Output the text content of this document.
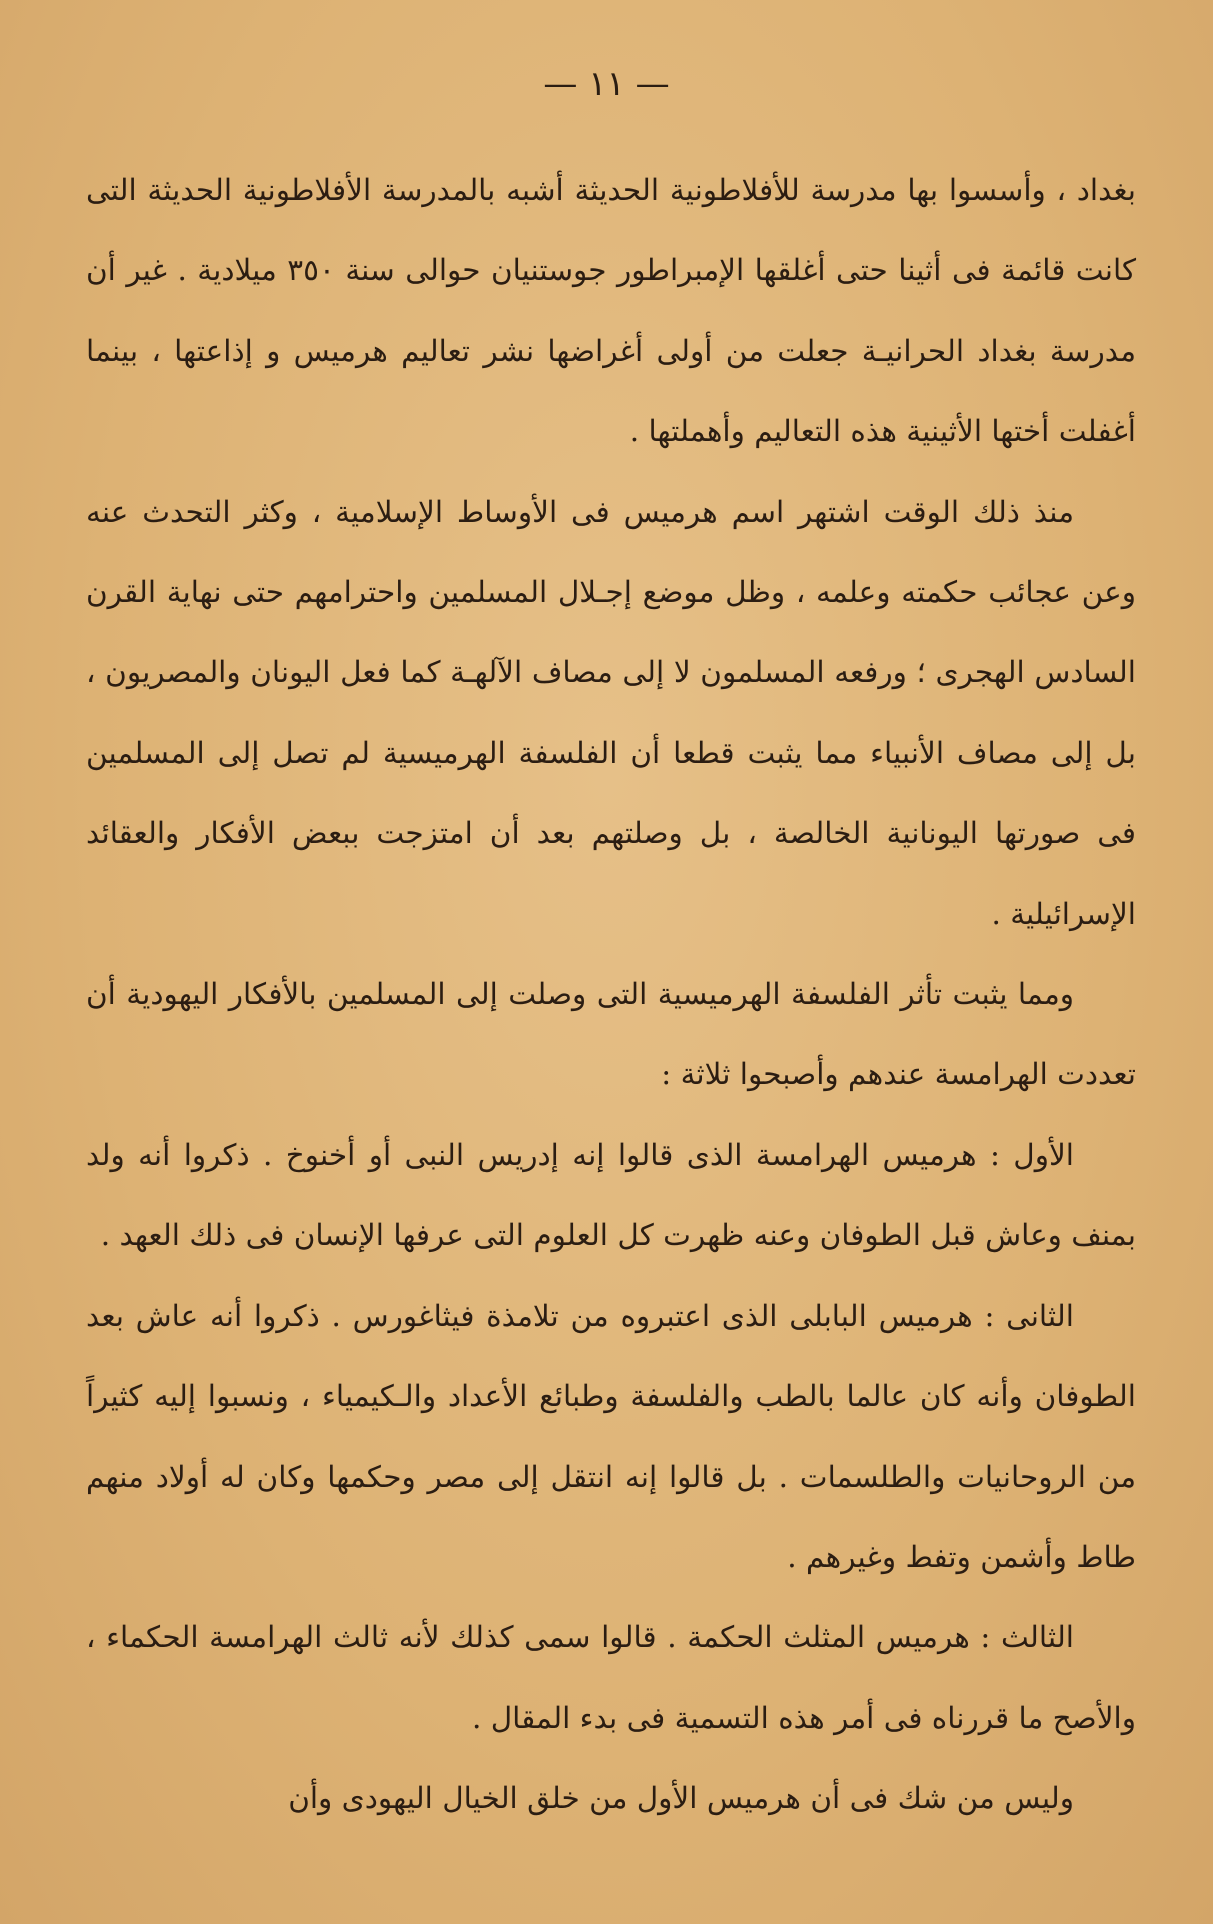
— ١١ —

بغداد ، وأسسوا بها مدرسة للأفلاطونية الحديثة أشبه بالمدرسة الأفلاطونية الحديثة التى كانت قائمة فى أثينا حتى أغلقها الإمبراطور جوستنيان حوالى سنة ٣٥٠ ميلادية . غير أن مدرسة بغداد الحرانيـة جعلت من أولى أغراضها نشر تعاليم هرميس و إذاعتها ، بينما أغفلت أختها الأثينية هذه التعاليم وأهملتها .

منذ ذلك الوقت اشتهر اسم هرميس فى الأوساط الإسلامية ، وكثر التحدث عنه وعن عجائب حكمته وعلمه ، وظل موضع إجـلال المسلمين واحترامهم حتى نهاية القرن السادس الهجرى ؛ ورفعه المسلمون لا إلى مصاف الآلهـة كما فعل اليونان والمصريون ، بل إلى مصاف الأنبياء مما يثبت قطعا أن الفلسفة الهرميسية لم تصل إلى المسلمين فى صورتها اليونانية الخالصة ، بل وصلتهم بعد أن امتزجت ببعض الأفكار والعقائد الإسرائيلية .

ومما يثبت تأثر الفلسفة الهرميسية التى وصلت إلى المسلمين بالأفكار اليهودية أن تعددت الهرامسة عندهم وأصبحوا ثلاثة :

الأول : هرميس الهرامسة الذى قالوا إنه إدريس النبى أو أخنوخ . ذكروا أنه ولد بمنف وعاش قبل الطوفان وعنه ظهرت كل العلوم التى عرفها الإنسان فى ذلك العهد .

الثانى : هرميس البابلى الذى اعتبروه من تلامذة فيثاغورس . ذكروا أنه عاش بعد الطوفان وأنه كان عالما بالطب والفلسفة وطبائع الأعداد والـكيمياء ، ونسبوا إليه كثيراً من الروحانيات والطلسمات . بل قالوا إنه انتقل إلى مصر وحكمها وكان له أولاد منهم طاط وأشمن وتفط وغيرهم .

الثالث : هرميس المثلث الحكمة . قالوا سمى كذلك لأنه ثالث الهرامسة الحكماء ، والأصح ما قررناه فى أمر هذه التسمية فى بدء المقال .

وليس من شك فى أن هرميس الأول من خلق الخيال اليهودى وأن
